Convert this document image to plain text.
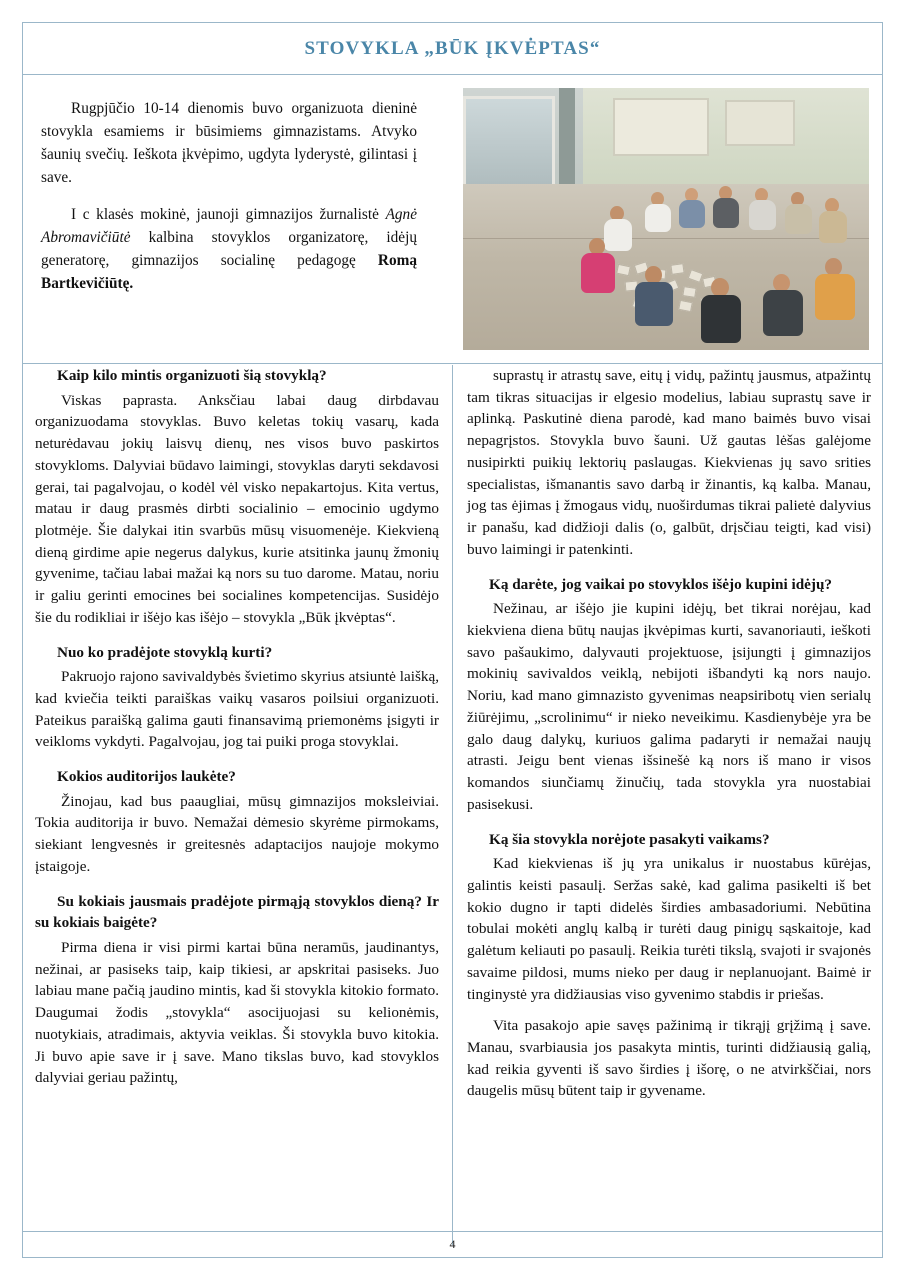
STOVYKLA „BŪK ĮKVĖPTAS“

Rugpjūčio 10-14 dienomis buvo organizuota dieninė stovykla esamiems ir būsimiems gimnazistams. Atvyko šaunių svečių. Ieškota įkvėpimo, ugdyta lyderystė, gilintasi į save.

I c klasės mokinė, jaunoji gimnazijos žurnalistė Agnė Abromavičiūtė kalbina stovyklos organizatorę, idėjų generatorę, gimnazijos socialinę pedagogę Romą Bartkevičiūtę.

Kaip kilo mintis organizuoti šią stovyklą?

Viskas paprasta. Anksčiau labai daug dirbdavau organizuodama stovyklas. Buvo keletas tokių vasarų, kada neturėdavau jokių laisvų dienų, nes visos buvo paskirtos stovykloms. Dalyviai būdavo laimingi, stovyklas daryti sekdavosi gerai, tai pagalvojau, o kodėl vėl visko nepakartojus. Kita vertus, matau ir daug prasmės dirbti socialinio – emocinio ugdymo plotmėje. Šie dalykai itin svarbūs mūsų visuomenėje. Kiekvieną dieną girdime apie negerus dalykus, kurie atsitinka jaunų žmonių gyvenime, tačiau labai mažai ką nors su tuo darome. Matau, noriu ir galiu gerinti emocines bei socialines kompetencijas. Susidėjo šie du rodikliai ir išėjo kas išėjo – stovykla „Būk įkvėptas“.

Nuo ko pradėjote stovyklą kurti?

Pakruojo rajono savivaldybės švietimo skyrius atsiuntė laišką, kad kviečia teikti paraiškas vaikų vasaros poilsiui organizuoti. Pateikus paraišką galima gauti finansavimą priemonėms įsigyti ir veikloms vykdyti. Pagalvojau, jog tai puiki proga stovyklai.

Kokios auditorijos laukėte?

Žinojau, kad bus paaugliai, mūsų gimnazijos moksleiviai. Tokia auditorija ir buvo. Nemažai dėmesio skyrėme pirmokams, siekiant lengvesnės ir greitesnės adaptacijos naujoje mokymo įstaigoje.

Su kokiais jausmais pradėjote pirmąją stovyklos dieną? Ir su kokiais baigėte?

Pirma diena ir visi pirmi kartai būna neramūs, jaudinantys, nežinai, ar pasiseks taip, kaip tikiesi, ar apskritai pasiseks. Juo labiau mane pačią jaudino mintis, kad ši stovykla kitokio formato. Daugumai žodis „stovykla“ asocijuojasi su kelionėmis, nuotykiais, atradimais, aktyvia veiklas. Ši stovykla buvo kitokia. Ji buvo apie save ir į save. Mano tikslas buvo, kad stovyklos dalyviai geriau pažintų,

suprastų ir atrastų save, eitų į vidų, pažintų jausmus, atpažintų tam tikras situacijas ir elgesio modelius, labiau suprastų save ir aplinką. Paskutinė diena parodė, kad mano baimės buvo visai nepagrįstos. Stovykla buvo šauni. Už gautas lėšas galėjome nusipirkti puikių lektorių paslaugas. Kiekvienas jų savo srities specialistas, išmanantis savo darbą ir žinantis, ką kalba. Manau, jog tas ėjimas į žmogaus vidų, nuoširdumas tikrai palietė dalyvius ir panašu, kad didžioji dalis (o, galbūt, drįsčiau teigti, kad visi) buvo laimingi ir patenkinti.

Ką darėte, jog vaikai po stovyklos išėjo kupini idėjų?

Nežinau, ar išėjo jie kupini idėjų, bet tikrai norėjau, kad kiekviena diena būtų naujas įkvėpimas kurti, savanoriauti, ieškoti savo pašaukimo, dalyvauti projektuose, įsijungti į gimnazijos mokinių savivaldos veiklą, nebijoti išbandyti ką nors naujo. Noriu, kad mano gimnazisto gyvenimas neapsiribotų vien serialų žiūrėjimu, „scrolinimu“ ir nieko neveikimu. Kasdienybėje yra be galo daug dalykų, kuriuos galima padaryti ir nemažai naujų atrasti. Jeigu bent vienas išsinešė ką nors iš mano ir visos komandos siunčiamų žinučių, tada stovykla yra nuostabiai pasisekusi.

Ką šia stovykla norėjote pasakyti vaikams?

Kad kiekvienas iš jų yra unikalus ir nuostabus kūrėjas, galintis keisti pasaulį. Seržas sakė, kad galima pasikelti iš bet kokio dugno ir tapti didelės širdies ambasadoriumi. Nebūtina tobulai mokėti anglų kalbą ir turėti daug pinigų sąskaitoje, kad galėtum keliauti po pasaulį. Reikia turėti tikslą, svajoti ir svajonės savaime pildosi, mums nieko per daug ir neplanuojant. Baimė ir tinginystė yra didžiausias viso gyvenimo stabdis ir priešas.

Vita pasakojo apie savęs pažinimą ir tikrąjį grįžimą į save. Manau, svarbiausia jos pasakyta mintis, turinti didžiausią galią, kad reikia gyventi iš savo širdies į išorę, o ne atvirkščiai, nors daugelis mūsų būtent taip ir gyvename.

4
